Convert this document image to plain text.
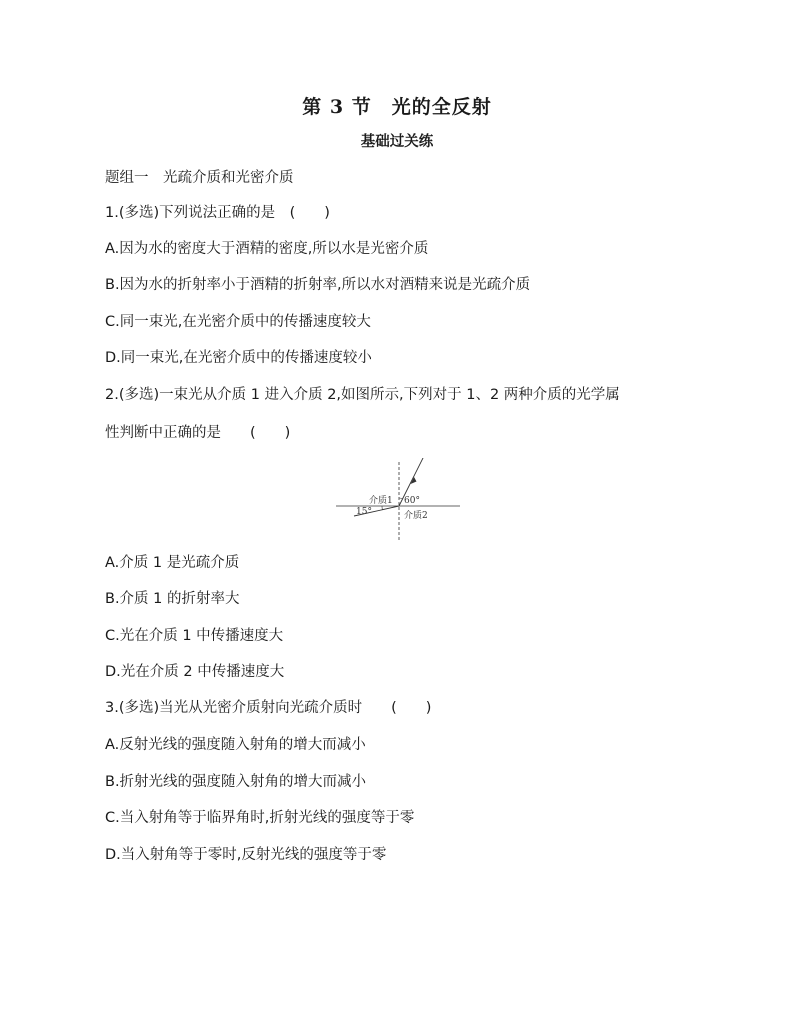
第 3 节　光的全反射
基础过关练
题组一　光疏介质和光密介质
1.(多选)下列说法正确的是　(　　)
A.因为水的密度大于酒精的密度,所以水是光密介质
B.因为水的折射率小于酒精的折射率,所以水对酒精来说是光疏介质
C.同一束光,在光密介质中的传播速度较大
D.同一束光,在光密介质中的传播速度较小
2.(多选)一束光从介质 1 进入介质 2,如图所示,下列对于 1、2 两种介质的光学属
性判断中正确的是　　(　　)
介质1 60°
介质2
15°
A.介质 1 是光疏介质
B.介质 1 的折射率大
C.光在介质 1 中传播速度大
D.光在介质 2 中传播速度大
3.(多选)当光从光密介质射向光疏介质时　　(　　)
A.反射光线的强度随入射角的增大而减小
B.折射光线的强度随入射角的增大而减小
C.当入射角等于临界角时,折射光线的强度等于零
D.当入射角等于零时,反射光线的强度等于零
